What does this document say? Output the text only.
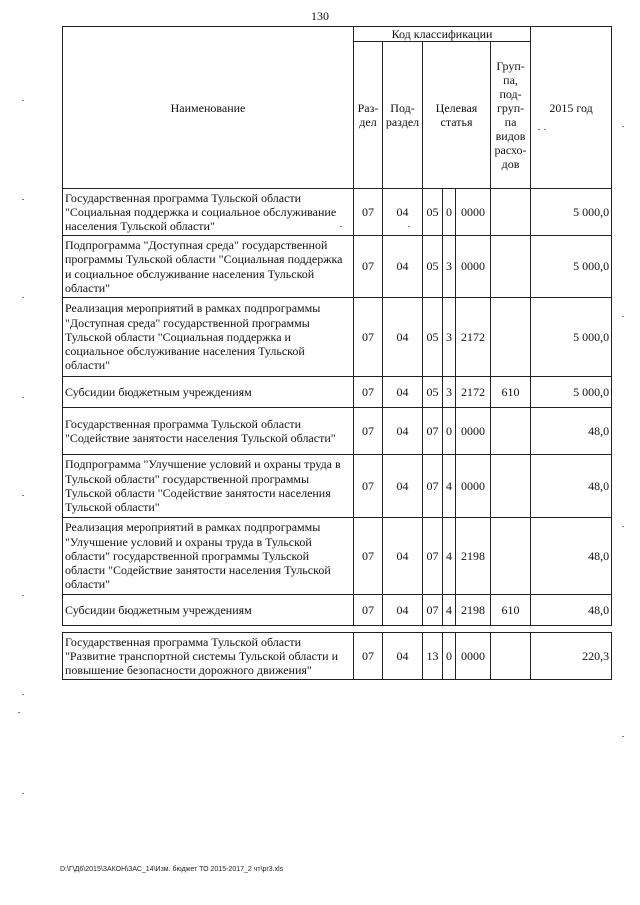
130
Наименование	Код классификации						2015 год
	Раз-дел	Под-раздел	Целевая статья			Груп-па, под-груп-па видов расхо-дов	
Государственная программа Тульской области "Социальная поддержка и социальное обслуживание населения Тульской области"	07	04	05	0	0000		5 000,0
Подпрограмма "Доступная среда" государственной программы Тульской области "Социальная поддержка и социальное обслуживание населения Тульской области"	07	04	05	3	0000		5 000,0
Реализация мероприятий в рамках подпрограммы "Доступная среда" государственной программы Тульской области "Социальная поддержка и социальное обслуживание населения Тульской области"	07	04	05	3	2172		5 000,0
Субсидии бюджетным учреждениям	07	04	05	3	2172	610	5 000,0
Государственная программа Тульской области "Содействие занятости населения Тульской области"	07	04	07	0	0000		48,0
Подпрограмма "Улучшение условий и охраны труда в Тульской области" государственной программы Тульской области "Содействие занятости населения Тульской области"	07	04	07	4	0000		48,0
Реализация мероприятий в рамках подпрограммы "Улучшение условий и охраны труда в Тульской области" государственной программы Тульской области "Содействие занятости населения Тульской области"	07	04	07	4	2198		48,0
Субсидии бюджетным учреждениям	07	04	07	4	2198	610	48,0

Государственная программа Тульской области "Развитие транспортной системы Тульской области и повышение безопасности дорожного движения"	07	04	13	0	0000		220,3
D:\Г\Д6\2015\ЗАКОН\ЗАС_14\Изм. бюджет ТО 2015-2017_2 чт\pr3.xls
